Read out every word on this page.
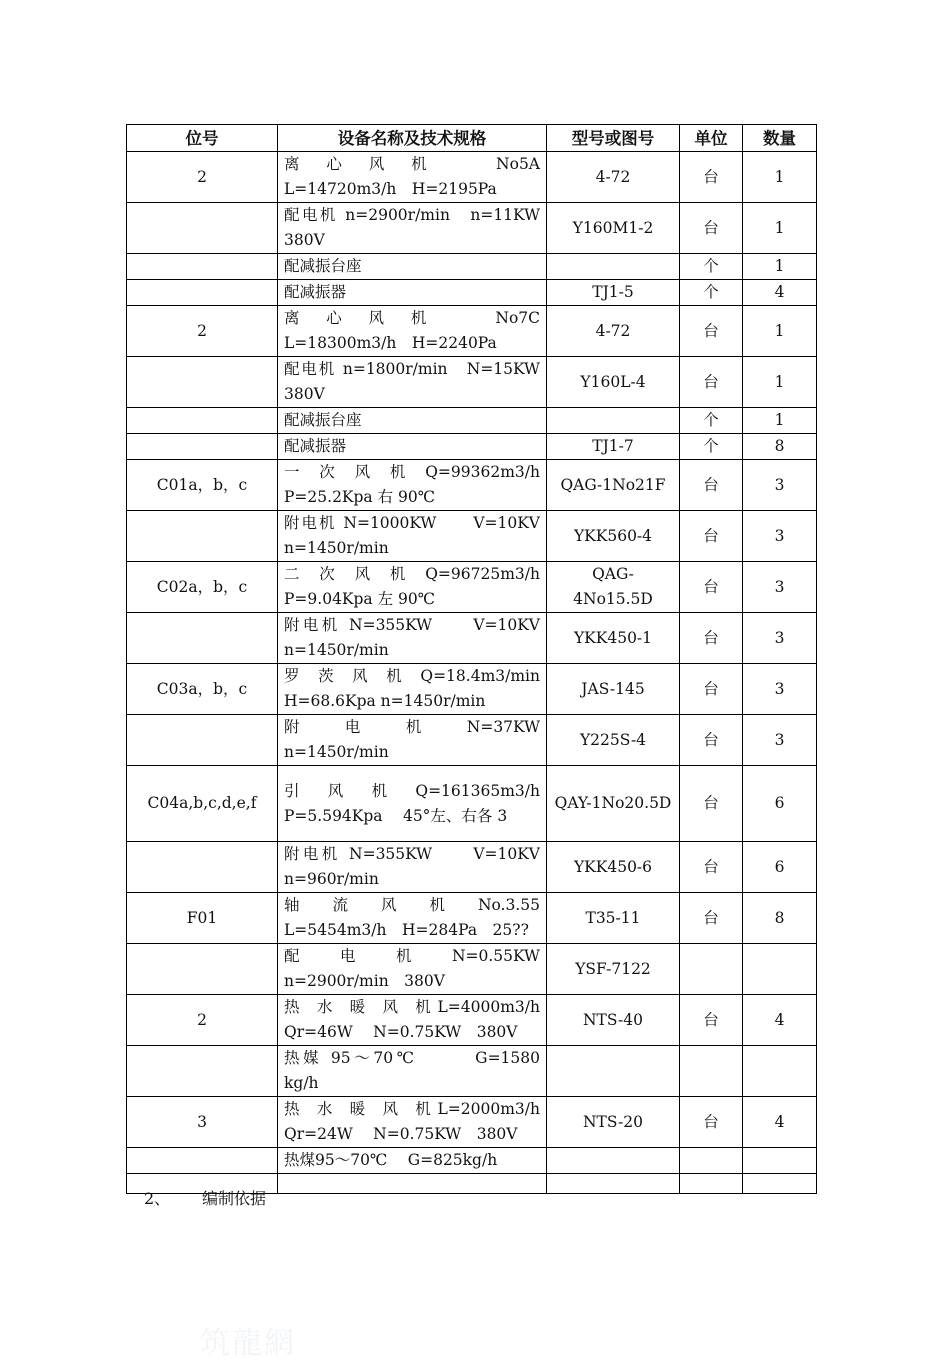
位号	设备名称及技术规格	型号或图号	单位	数量
2	离　心　风　机　　　No5A L=14720m3/h　H=2195Pa	4-72	台	1
	配电机 n=2900r/min　n=11KW 380V	Y160M1-2	台	1
	配减振台座		个	1
	配减振器	TJ1-5	个	4
2	离　心　风　机　　　No7C L=18300m3/h　H=2240Pa	4-72	台	1
	配电机 n=1800r/min　N=15KW 380V	Y160L-4	台	1
	配减振台座		个	1
	配减振器	TJ1-7	个	8
C01a，b，c	一　次　风　机　Q=99362m3/h P=25.2Kpa 右 90℃	QAG-1No21F	台	3
	附电机 N=1000KW　　V=10KV n=1450r/min	YKK560-4	台	3
C02a，b，c	二　次　风　机　Q=96725m3/h P=9.04Kpa 左 90℃	QAG-4No15.5D	台	3
	附电机 N=355KW　　V=10KV n=1450r/min	YKK450-1	台	3
C03a，b，c	罗　茨　风　机　Q=18.4m3/min H=68.6Kpa n=1450r/min	JAS-145	台	3
	附　　电　　机　　N=37KW n=1450r/min	Y225S-4	台	3
C04a,b,c,d,e,f	引　风　机　Q=161365m3/h P=5.594Kpa　 45°左、右各 3	QAY-1No20.5D	台	6
	附电机 N=355KW　　V=10KV n=960r/min	YKK450-6	台	6
F01	轴　流　风　机　No.3.55 L=5454m3/h　H=284Pa　25??	T35-11	台	8
	配　　电　　机　　N=0.55KW n=2900r/min　380V	YSF-7122		
2	热　水　暖　风　机 L=4000m3/h Qr=46W　 N=0.75KW　380V	NTS-40	台	4
	热媒 95～70℃　　　G=1580 kg/h			
3	热　水　暖　风　机 L=2000m3/h Qr=24W　 N=0.75KW　380V	NTS-20	台	4
	热煤95～70℃　 G=825kg/h			

2、 编制依据
筑龍網
